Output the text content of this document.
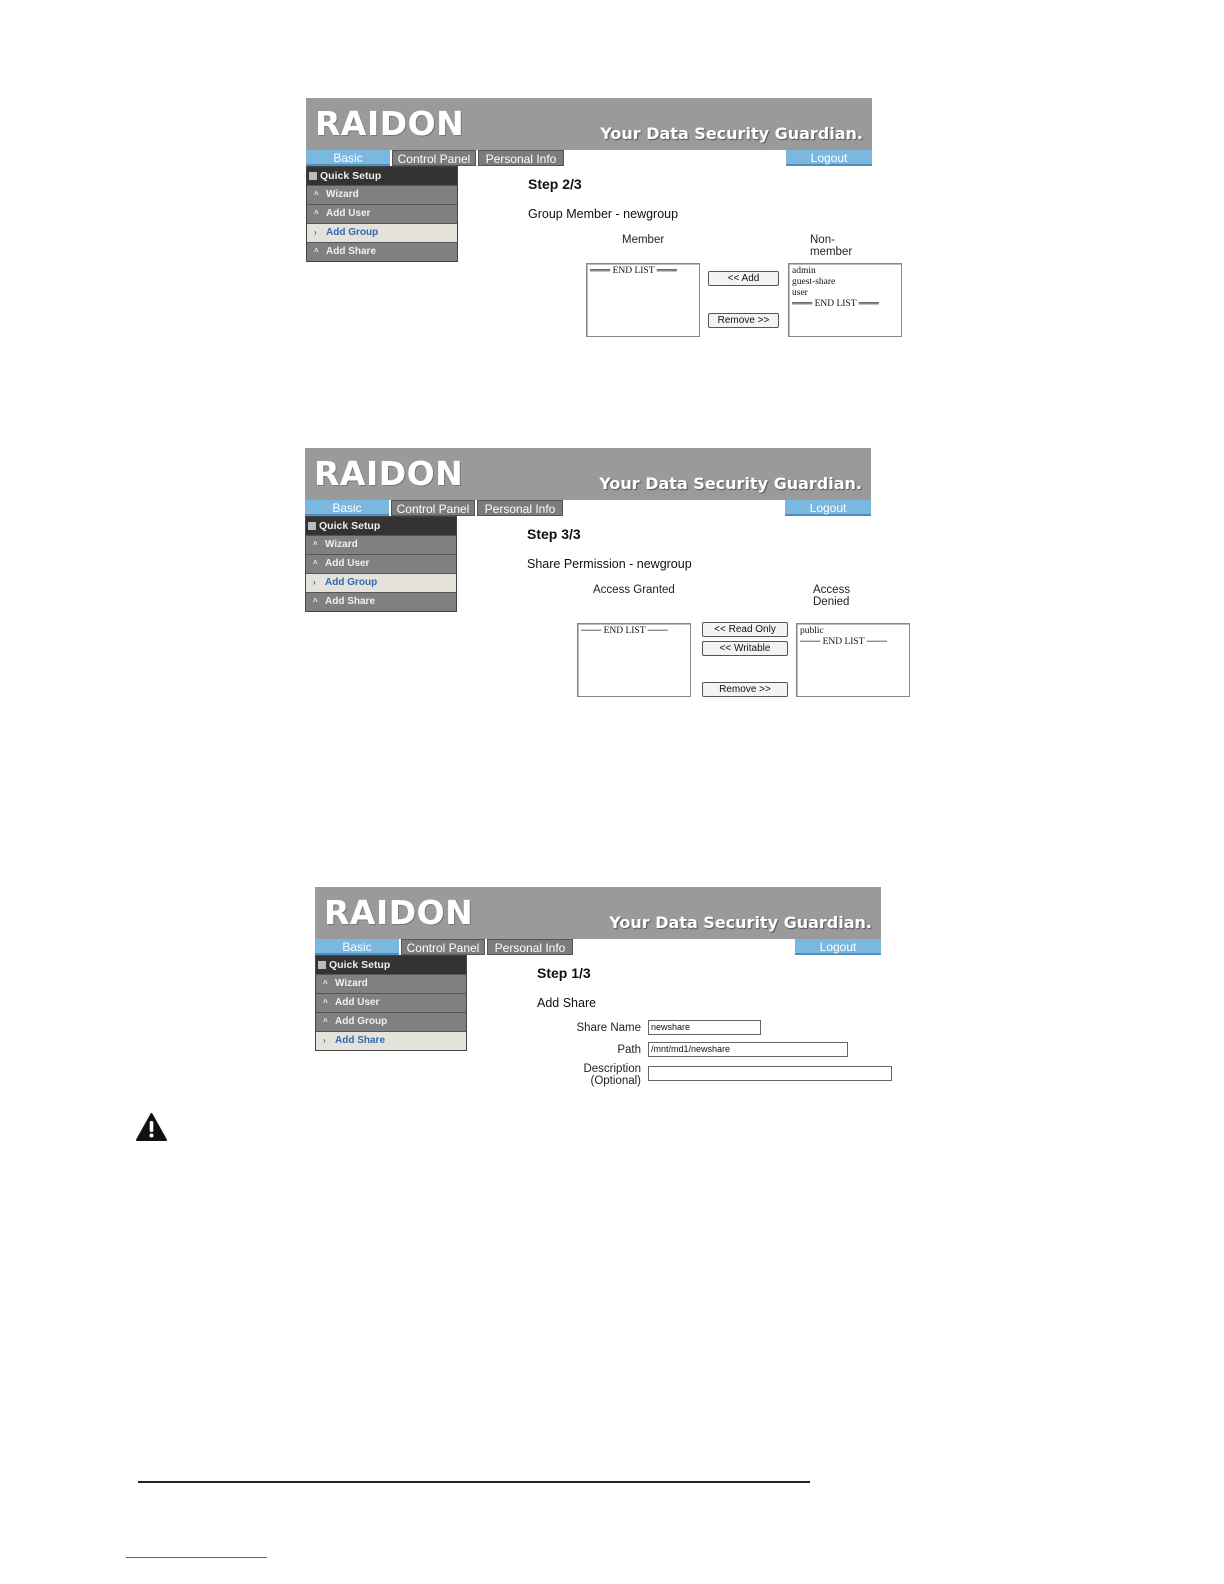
RAIDON	Your Data Security Guardian.
Basic	Control Panel	Personal Info	Logout
Quick Setup
^ Wizard
^ Add User
› Add Group
^ Add Share
Step 2/3
Group Member - newgroup
Member	Non-member
═══ END LIST ═══
<< Add
Remove >>
admin
guest-share
user
═══ END LIST ═══
RAIDON	Your Data Security Guardian.
Basic	Control Panel	Personal Info	Logout
Quick Setup
^ Wizard
^ Add User
› Add Group
^ Add Share
Step 3/3
Share Permission - newgroup
Access Granted	Access Denied
─── END LIST ───	<< Read Only
<< Writable
Remove >>
public
─── END LIST ───
RAIDON	Your Data Security Guardian.
Basic	Control Panel	Personal Info	Logout
Quick Setup
^ Wizard
^ Add User
^ Add Group
› Add Share
Step 1/3
Add Share
Share Name	newshare
Path	/mnt/md1/newshare
Description
(Optional)
